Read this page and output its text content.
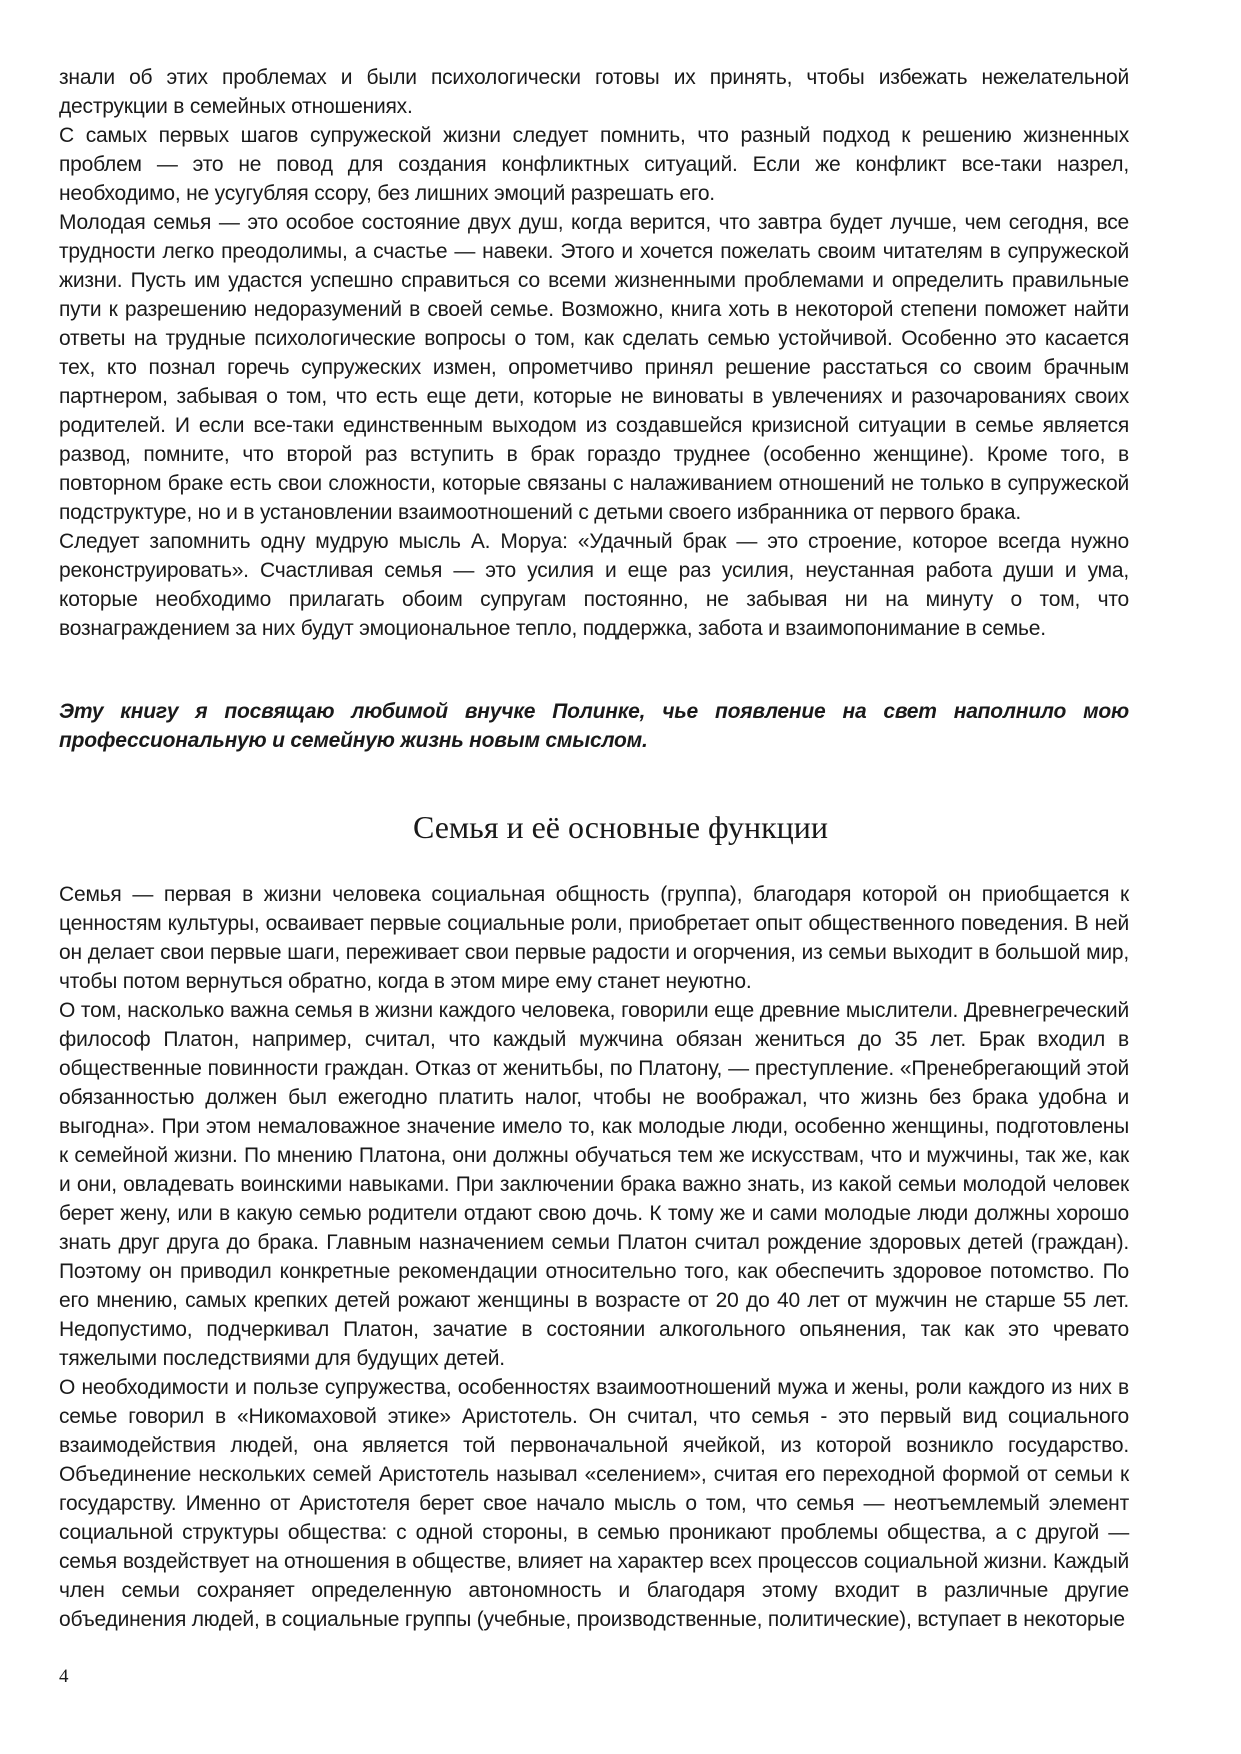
знали об этих проблемах и были психологически готовы их принять, чтобы избежать нежелательной деструкции в семейных отношениях.

С самых первых шагов супружеской жизни следует помнить, что разный подход к решению жизненных проблем — это не повод для создания конфликтных ситуаций. Если же конфликт все-таки назрел, необходимо, не усугубляя ссору, без лишних эмоций разрешать его.

Молодая семья — это особое состояние двух душ, когда верится, что завтра будет лучше, чем сегодня, все трудности легко преодолимы, а счастье — навеки. Этого и хочется пожелать своим читателям в супружеской жизни. Пусть им удастся успешно справиться со всеми жизненными проблемами и определить правильные пути к разрешению недоразумений в своей семье. Возможно, книга хоть в некоторой степени поможет найти ответы на трудные психологические вопросы о том, как сделать семью устойчивой. Особенно это касается тех, кто познал горечь супружеских измен, опрометчиво принял решение расстаться со своим брачным партнером, забывая о том, что есть еще дети, которые не виноваты в увлечениях и разочарованиях своих родителей. И если все-таки единственным выходом из создавшейся кризисной ситуации в семье является развод, помните, что второй раз вступить в брак гораздо труднее (особенно женщине). Кроме того, в повторном браке есть свои сложности, которые связаны с налаживанием отношений не только в супружеской подструктуре, но и в установлении взаимоотношений с детьми своего избранника от первого брака.

Следует запомнить одну мудрую мысль А. Моруа: «Удачный брак — это строение, которое всегда нужно реконструировать». Счастливая семья — это усилия и еще раз усилия, неустанная работа души и ума, которые необходимо прилагать обоим супругам постоянно, не забывая ни на минуту о том, что вознаграждением за них будут эмоциональное тепло, поддержка, забота и взаимопонимание в семье.

Эту книгу я посвящаю любимой внучке Полинке, чье появление на свет наполнило мою профессиональную и семейную жизнь новым смыслом.

Семья и её основные функции

Семья — первая в жизни человека социальная общность (группа), благодаря которой он приобщается к ценностям культуры, осваивает первые социальные роли, приобретает опыт общественного поведения. В ней он делает свои первые шаги, переживает свои первые радости и огорчения, из семьи выходит в большой мир, чтобы потом вернуться обратно, когда в этом мире ему станет неуютно.

О том, насколько важна семья в жизни каждого человека, говорили еще древние мыслители. Древнегреческий философ Платон, например, считал, что каждый мужчина обязан жениться до 35 лет. Брак входил в общественные повинности граждан. Отказ от женитьбы, по Платону, — преступление. «Пренебрегающий этой обязанностью должен был ежегодно платить налог, чтобы не воображал, что жизнь без брака удобна и выгодна». При этом немаловажное значение имело то, как молодые люди, особенно женщины, подготовлены к семейной жизни. По мнению Платона, они должны обучаться тем же искусствам, что и мужчины, так же, как и они, овладевать воинскими навыками. При заключении брака важно знать, из какой семьи молодой человек берет жену, или в какую семью родители отдают свою дочь. К тому же и сами молодые люди должны хорошо знать друг друга до брака. Главным назначением семьи Платон считал рождение здоровых детей (граждан). Поэтому он приводил конкретные рекомендации относительно того, как обеспечить здоровое потомство. По его мнению, самых крепких детей рожают женщины в возрасте от 20 до 40 лет от мужчин не старше 55 лет. Недопустимо, подчеркивал Платон, зачатие в состоянии алкогольного опьянения, так как это чревато тяжелыми последствиями для будущих детей.

О необходимости и пользе супружества, особенностях взаимоотношений мужа и жены, роли каждого из них в семье говорил в «Никомаховой этике» Аристотель. Он считал, что семья - это первый вид социального взаимодействия людей, она является той первоначальной ячейкой, из которой возникло государство. Объединение нескольких семей Аристотель называл «селением», считая его переходной формой от семьи к государству. Именно от Аристотеля берет свое начало мысль о том, что семья — неотъемлемый элемент социальной структуры общества: с одной стороны, в семью проникают проблемы общества, а с другой — семья воздействует на отношения в обществе, влияет на характер всех процессов социальной жизни. Каждый член семьи сохраняет определенную автономность и благодаря этому входит в различные другие объединения людей, в социальные группы (учебные, производственные, политические), вступает в некоторые

4
